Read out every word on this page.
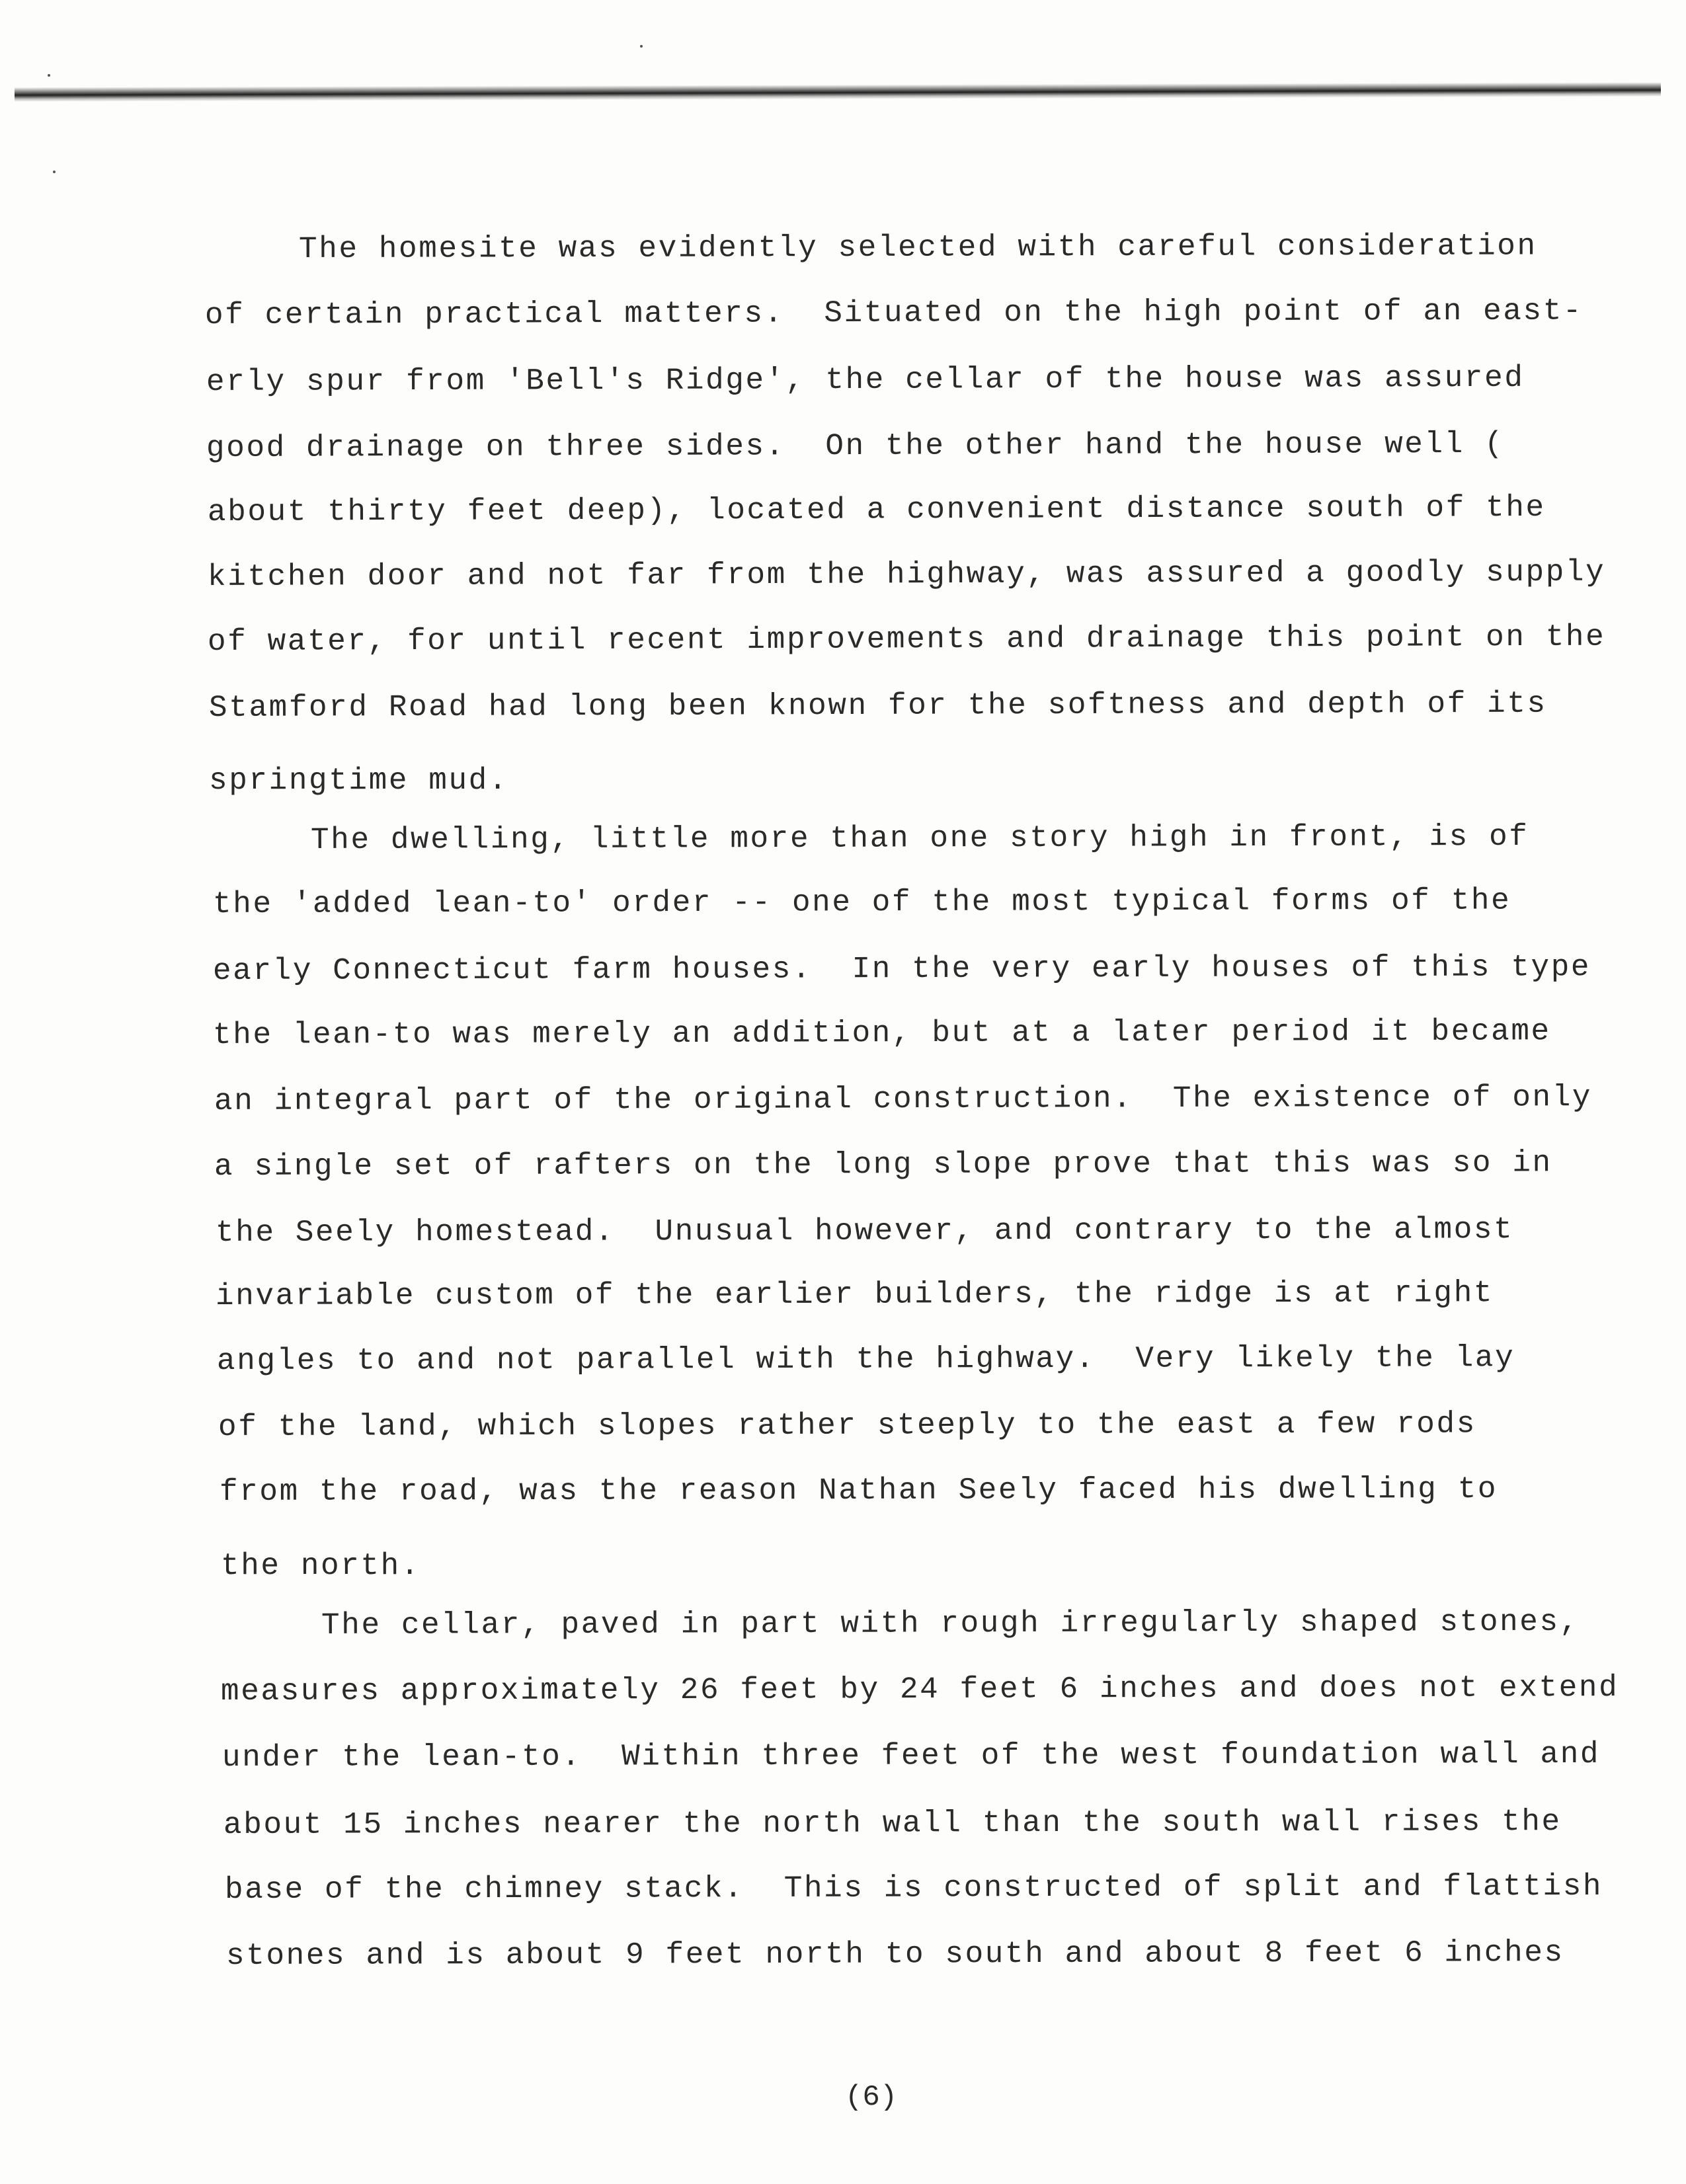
The homesite was evidently selected with careful consideration
of certain practical matters.  Situated on the high point of an east-
erly spur from 'Bell's Ridge', the cellar of the house was assured
good drainage on three sides.  On the other hand the house well (
about thirty feet deep), located a convenient distance south of the
kitchen door and not far from the highway, was assured a goodly supply
of water, for until recent improvements and drainage this point on the
Stamford Road had long been known for the softness and depth of its
springtime mud.
The dwelling, little more than one story high in front, is of
the 'added lean-to' order -- one of the most typical forms of the
early Connecticut farm houses.  In the very early houses of this type
the lean-to was merely an addition, but at a later period it became
an integral part of the original construction.  The existence of only
a single set of rafters on the long slope prove that this was so in
the Seely homestead.  Unusual however, and contrary to the almost
invariable custom of the earlier builders, the ridge is at right
angles to and not parallel with the highway.  Very likely the lay
of the land, which slopes rather steeply to the east a few rods
from the road, was the reason Nathan Seely faced his dwelling to
the north.
The cellar, paved in part with rough irregularly shaped stones,
measures approximately 26 feet by 24 feet 6 inches and does not extend
under the lean-to.  Within three feet of the west foundation wall and
about 15 inches nearer the north wall than the south wall rises the
base of the chimney stack.  This is constructed of split and flattish
stones and is about 9 feet north to south and about 8 feet 6 inches
(6)
